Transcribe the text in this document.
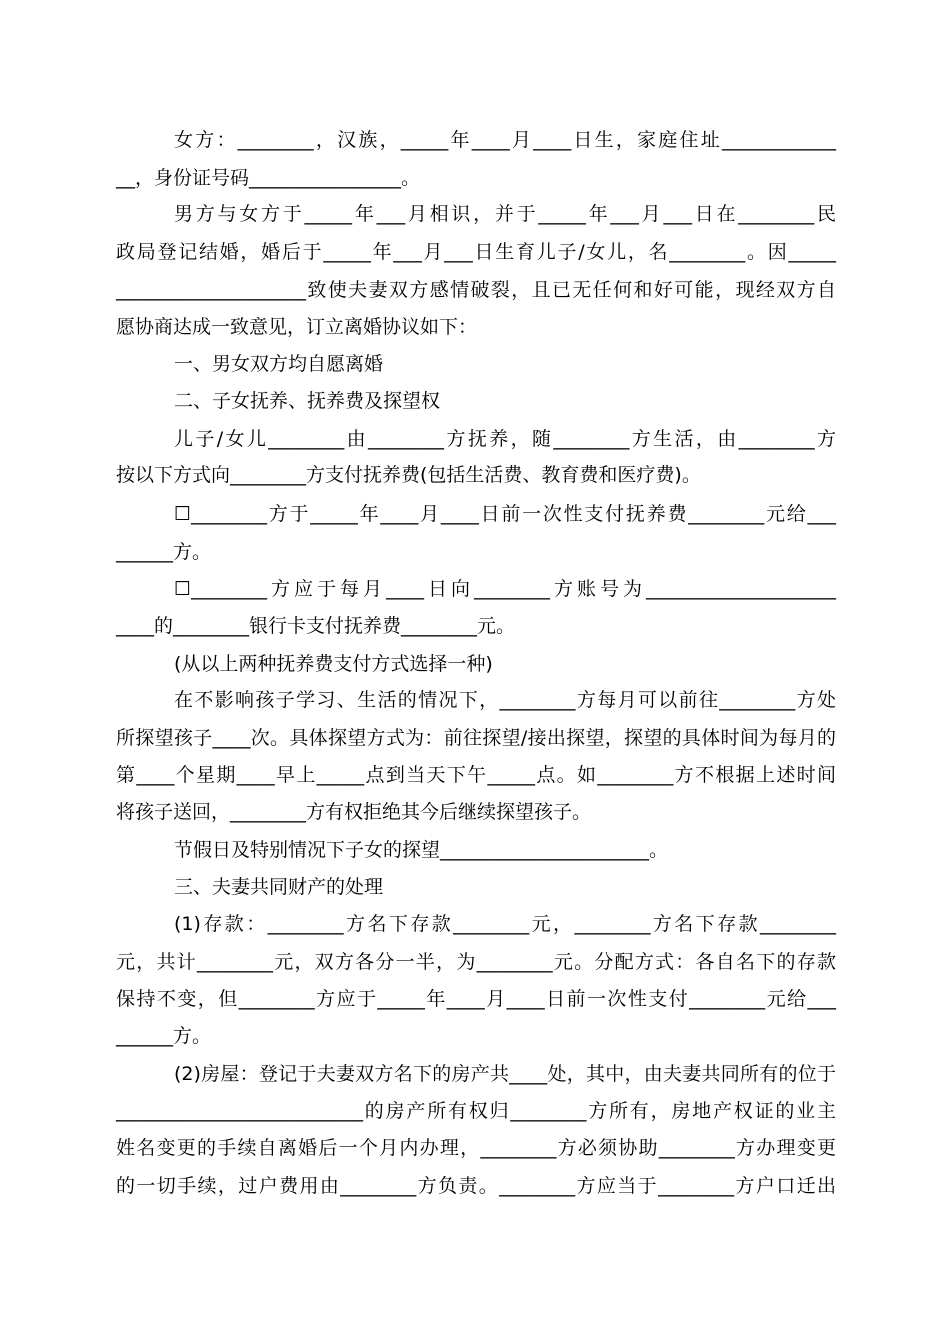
女方：________，汉族，_____年____月____日生，家庭住址____________
__，身份证号码________________。
男方与女方于_____年___月相识，并于_____年___月___日在________民
政局登记结婚，婚后于_____年___月___日生育儿子/女儿，名________。因_____
____________________致使夫妻双方感情破裂，且已无任何和好可能，现经双方自
愿协商达成一致意见，订立离婚协议如下：
一、男女双方均自愿离婚
二、子女抚养、抚养费及探望权
儿子/女儿________由________方抚养，随________方生活，由________方
按以下方式向________方支付抚养费(包括生活费、教育费和医疗费)。
☐________方于_____年____月____日前一次性支付抚养费________元给___
______方。
☐________方应于每月____日向________方账号为____________________
____的________银行卡支付抚养费________元。
(从以上两种抚养费支付方式选择一种)
在不影响孩子学习、生活的情况下，________方每月可以前往________方处
所探望孩子____次。具体探望方式为：前往探望/接出探望，探望的具体时间为每月的
第____个星期____早上_____点到当天下午_____点。如________方不根据上述时间
将孩子送回，________方有权拒绝其今后继续探望孩子。
节假日及特别情况下子女的探望______________________。
三、夫妻共同财产的处理
(1)存款：________方名下存款________元，________方名下存款________
元，共计________元，双方各分一半，为________元。分配方式：各自名下的存款
保持不变，但________方应于_____年____月____日前一次性支付________元给___
______方。
(2)房屋：登记于夫妻双方名下的房产共____处，其中，由夫妻共同所有的位于
__________________________的房产所有权归________方所有，房地产权证的业主
姓名变更的手续自离婚后一个月内办理，________方必须协助________方办理变更
的一切手续，过户费用由________方负责。________方应当于________方户口迁出
